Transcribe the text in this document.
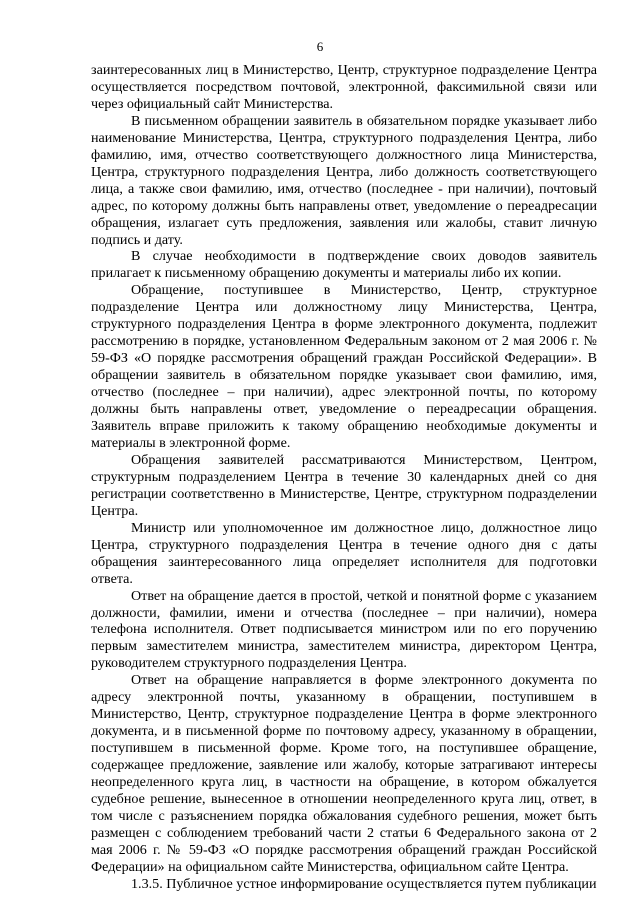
6

заинтересованных лиц в Министерство, Центр, структурное подразделение Центра осуществляется посредством почтовой, электронной, факсимильной связи или через официальный сайт Министерства.

В письменном обращении заявитель в обязательном порядке указывает либо наименование Министерства, Центра, структурного подразделения Центра, либо фамилию, имя, отчество соответствующего должностного лица Министерства, Центра, структурного подразделения Центра, либо должность соответствующего лица, а также свои фамилию, имя, отчество (последнее - при наличии), почтовый адрес, по которому должны быть направлены ответ, уведомление о переадресации обращения, излагает суть предложения, заявления или жалобы, ставит личную подпись и дату.

В случае необходимости в подтверждение своих доводов заявитель прилагает к письменному обращению документы и материалы либо их копии.

Обращение, поступившее в Министерство, Центр, структурное подразделение Центра или должностному лицу Министерства, Центра, структурного подразделения Центра в форме электронного документа, подлежит рассмотрению в порядке, установленном Федеральным законом от 2 мая 2006 г. № 59-ФЗ «О порядке рассмотрения обращений граждан Российской Федерации». В обращении заявитель в обязательном порядке указывает свои фамилию, имя, отчество (последнее – при наличии), адрес электронной почты, по которому должны быть направлены ответ, уведомление о переадресации обращения. Заявитель вправе приложить к такому обращению необходимые документы и материалы в электронной форме.

Обращения заявителей рассматриваются Министерством, Центром, структурным подразделением Центра в течение 30 календарных дней со дня регистрации соответственно в Министерстве, Центре, структурном подразделении Центра.

Министр или уполномоченное им должностное лицо, должностное лицо Центра, структурного подразделения Центра в течение одного дня с даты обращения заинтересованного лица определяет исполнителя для подготовки ответа.

Ответ на обращение дается в простой, четкой и понятной форме с указанием должности, фамилии, имени и отчества (последнее – при наличии), номера телефона исполнителя. Ответ подписывается министром или по его поручению первым заместителем министра, заместителем министра, директором Центра, руководителем структурного подразделения Центра.

Ответ на обращение направляется в форме электронного документа по адресу электронной почты, указанному в обращении, поступившем в Министерство, Центр, структурное подразделение Центра в форме электронного документа, и в письменной форме по почтовому адресу, указанному в обращении, поступившем в письменной форме. Кроме того, на поступившее обращение, содержащее предложение, заявление или жалобу, которые затрагивают интересы неопределенного круга лиц, в частности на обращение, в котором обжалуется судебное решение, вынесенное в отношении неопределенного круга лиц, ответ, в том числе с разъяснением порядка обжалования судебного решения, может быть размещен с соблюдением требований части 2 статьи 6 Федерального закона от 2 мая 2006 г. № 59-ФЗ «О порядке рассмотрения обращений граждан Российской Федерации» на официальном сайте Министерства, официальном сайте Центра.

1.3.5. Публичное устное информирование осуществляется путем публикации
